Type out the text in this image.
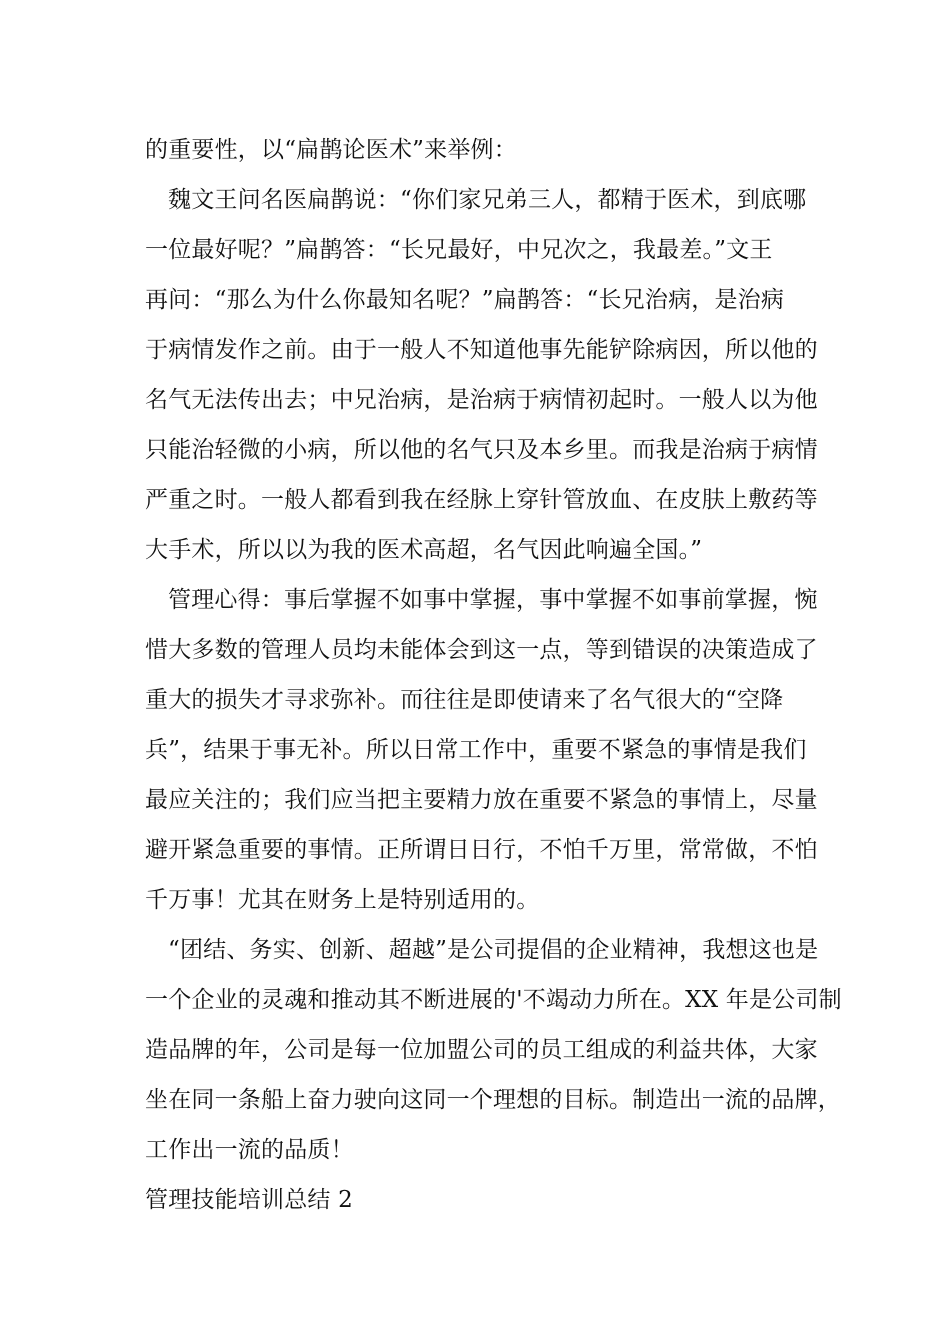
的重要性，以“扁鹊论医术”来举例：
魏文王问名医扁鹊说：“你们家兄弟三人，都精于医术，到底哪
一位最好呢？”扁鹊答：“长兄最好，中兄次之，我最差。”文王
再问：“那么为什么你最知名呢？”扁鹊答：“长兄治病，是治病
于病情发作之前。由于一般人不知道他事先能铲除病因，所以他的
名气无法传出去；中兄治病，是治病于病情初起时。一般人以为他
只能治轻微的小病，所以他的名气只及本乡里。而我是治病于病情
严重之时。一般人都看到我在经脉上穿针管放血、在皮肤上敷药等
大手术，所以以为我的医术高超，名气因此响遍全国。”
管理心得：事后掌握不如事中掌握，事中掌握不如事前掌握，惋
惜大多数的管理人员均未能体会到这一点，等到错误的决策造成了
重大的损失才寻求弥补。而往往是即使请来了名气很大的“空降
兵”，结果于事无补。所以日常工作中，重要不紧急的事情是我们
最应关注的；我们应当把主要精力放在重要不紧急的事情上，尽量
避开紧急重要的事情。正所谓日日行，不怕千万里，常常做，不怕
千万事！尤其在财务上是特别适用的。
“团结、务实、创新、超越”是公司提倡的企业精神，我想这也是
一个企业的灵魂和推动其不断进展的'不竭动力所在。XX 年是公司制
造品牌的年，公司是每一位加盟公司的员工组成的利益共体，大家
坐在同一条船上奋力驶向这同一个理想的目标。制造出一流的品牌，
工作出一流的品质！
管理技能培训总结 2
